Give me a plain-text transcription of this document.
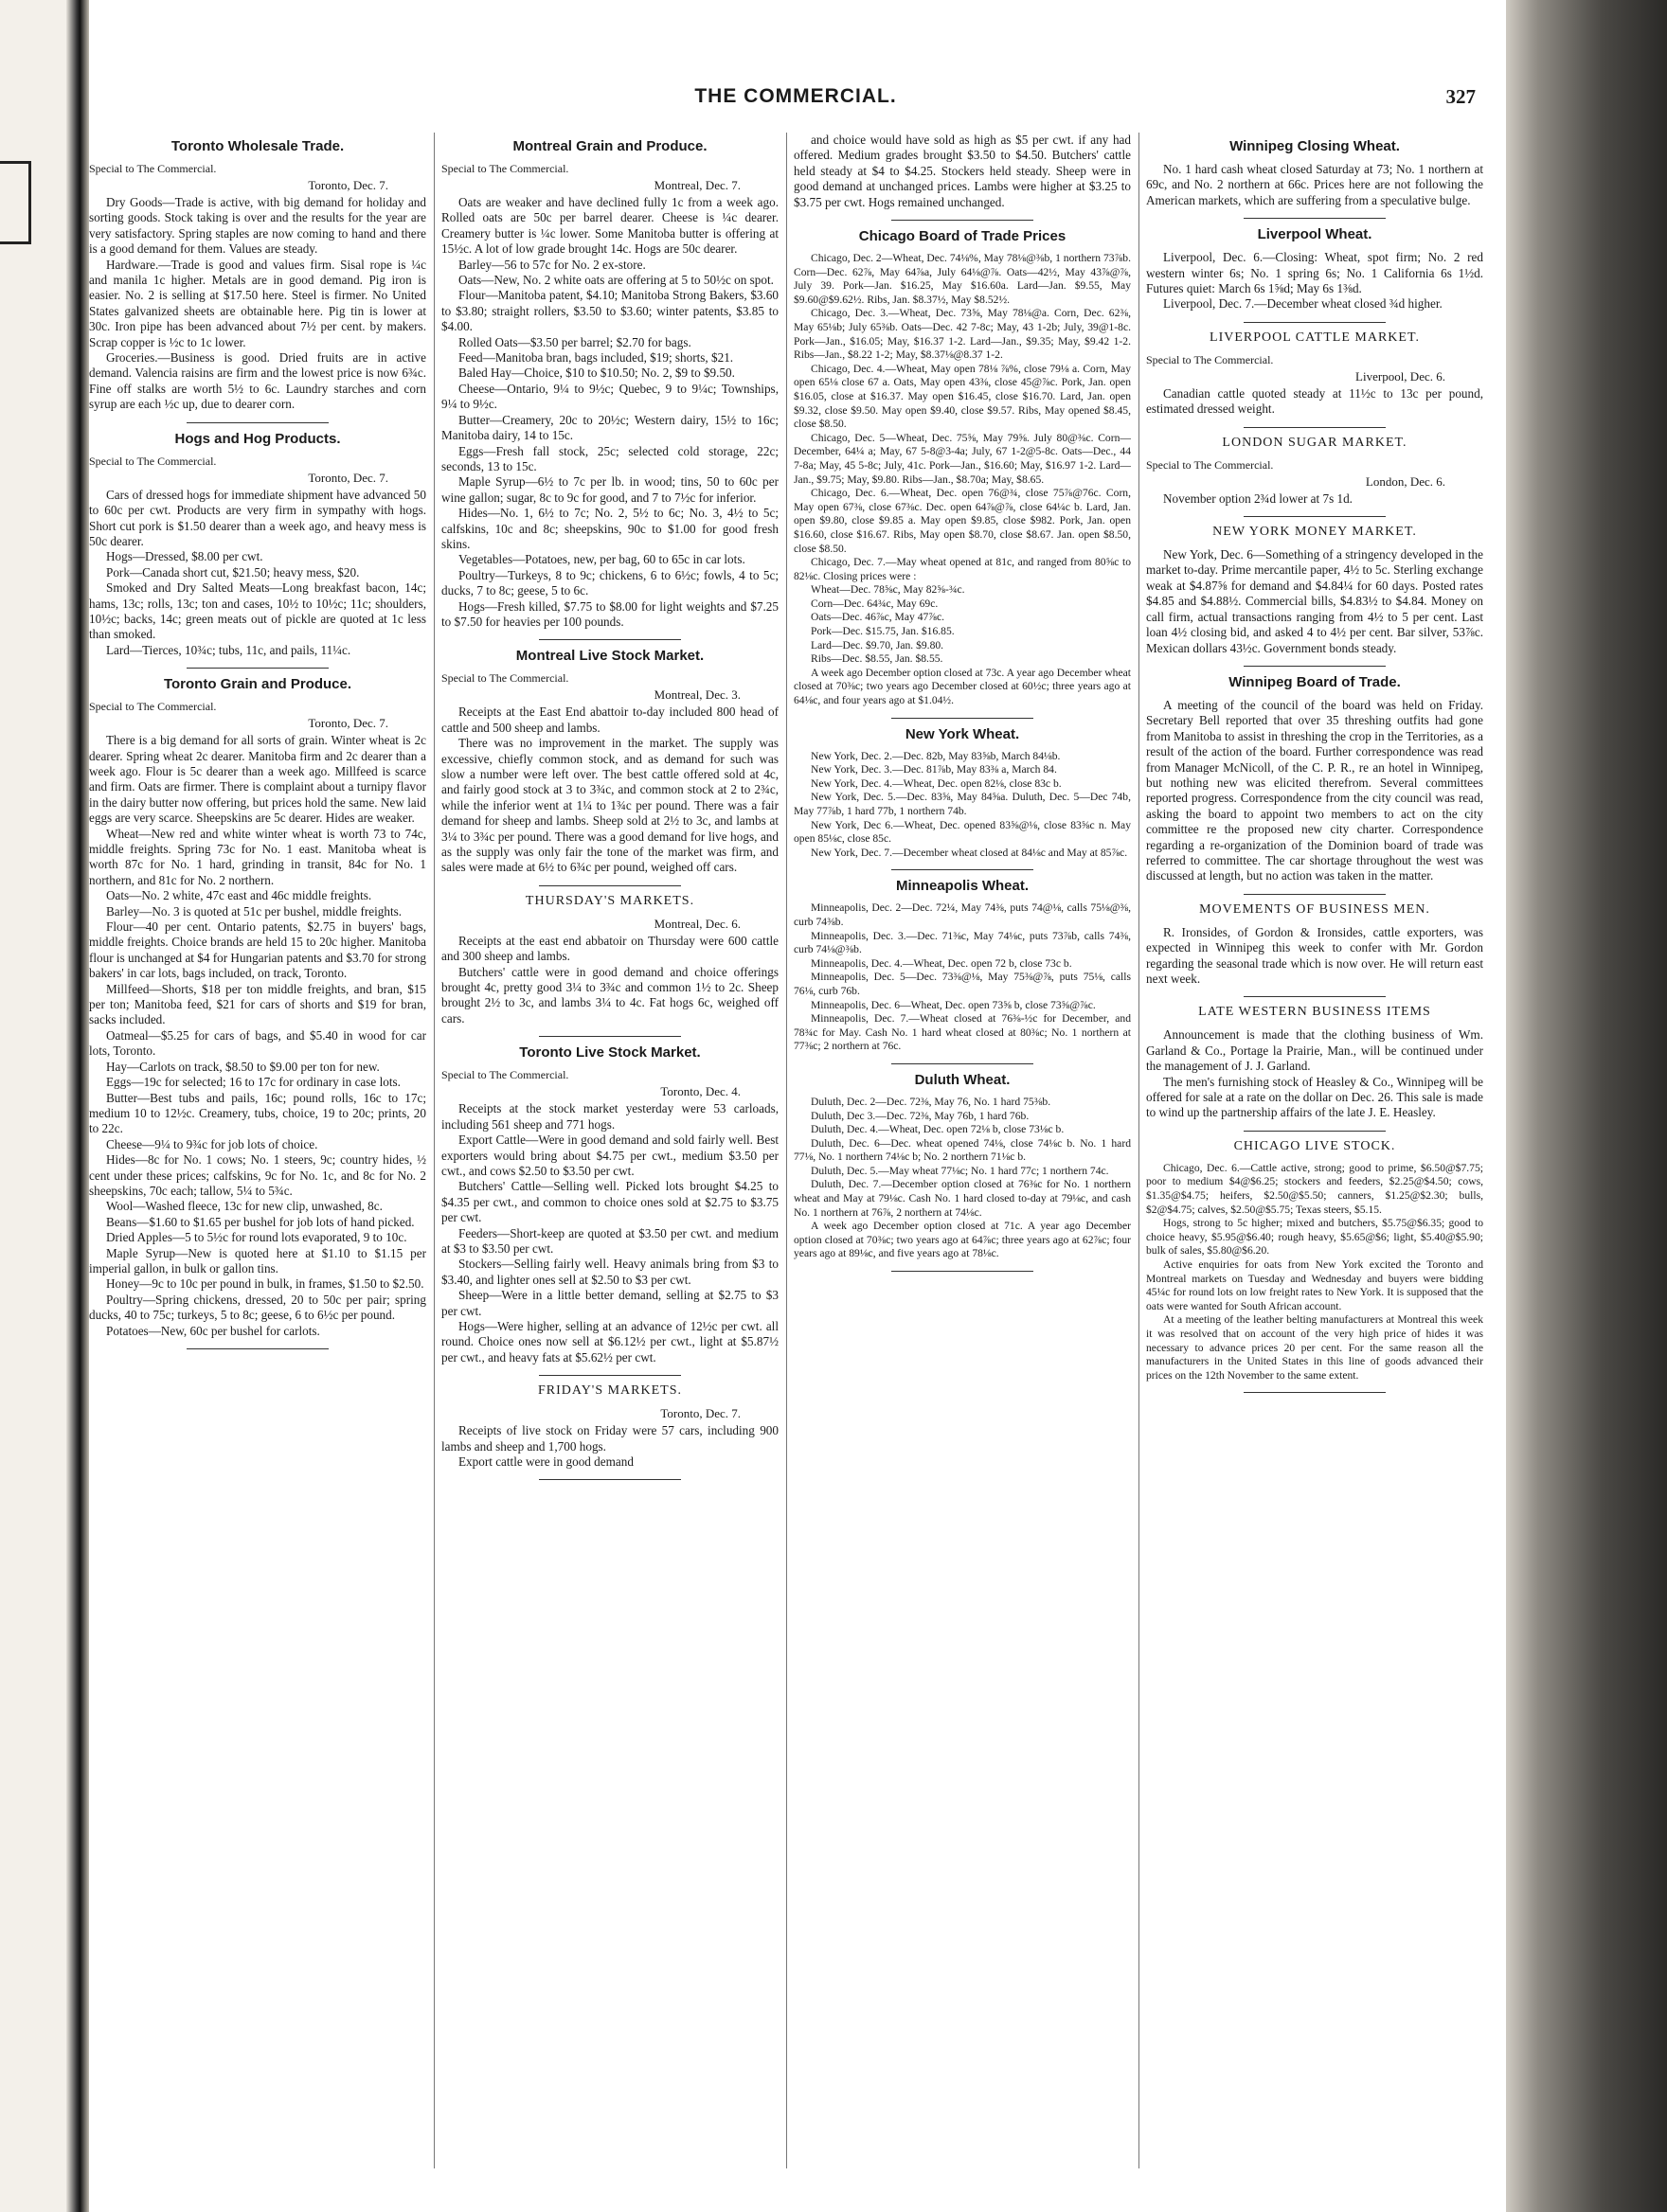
THE COMMERCIAL.	327
Toronto Wholesale Trade.
Special to The Commercial.
Toronto, Dec. 7.

Dry Goods—Trade is active, with big demand for holiday and sorting goods. Stock taking is over and the results for the year are very satisfactory. Spring staples are now coming to hand and there is a good demand for them. Values are steady.

Hardware.—Trade is good and values firm. Sisal rope is ¼c and manila 1c higher. Metals are in good demand. Pig iron is easier. No. 2 is selling at $17.50 here. Steel is firmer. No United States galvanized sheets are obtainable here. Pig tin is lower at 30c. Iron pipe has been advanced about 7½ per cent. by makers. Scrap copper is ½c to 1c lower.

Groceries.—Business is good. Dried fruits are in active demand. Valencia raisins are firm and the lowest price is now 6¾c. Fine off stalks are worth 5½ to 6c. Laundry starches and corn syrup are each ½c up, due to dearer corn.

Hogs and Hog Products.
Special to The Commercial.
Toronto, Dec. 7.

Cars of dressed hogs for immediate shipment have advanced 50 to 60c per cwt. Products are very firm in sympathy with hogs. Short cut pork is $1.50 dearer than a week ago, and heavy mess is 50c dearer.

Hogs—Dressed, $8.00 per cwt.

Pork—Canada short cut, $21.50; heavy mess, $20.

Smoked and Dry Salted Meats—Long breakfast bacon, 14c; hams, 13c; rolls, 13c; ton and cases, 10½ to 10½c; 11c; shoulders, 10½c; backs, 14c; green meats out of pickle are quoted at 1c less than smoked.

Lard—Tierces, 10¾c; tubs, 11c, and pails, 11¼c.

Toronto Grain and Produce.
Special to The Commercial.
Toronto, Dec. 7.

There is a big demand for all sorts of grain. Winter wheat is 2c dearer. Spring wheat 2c dearer. Manitoba firm and 2c dearer than a week ago. Flour is 5c dearer than a week ago. Millfeed is scarce and firm. Oats are firmer. There is complaint about a turnipy flavor in the dairy butter now offering, but prices hold the same. New laid eggs are very scarce. Sheepskins are 5c dearer. Hides are weaker.

Wheat—New red and white winter wheat is worth 73 to 74c, middle freights. Spring 73c for No. 1 east. Manitoba wheat is worth 87c for No. 1 hard, grinding in transit, 84c for No. 1 northern, and 81c for No. 2 northern.

Oats—No. 2 white, 47c east and 46c middle freights.

Barley—No. 3 is quoted at 51c per bushel, middle freights.

Flour—40 per cent. Ontario patents, $2.75 in buyers' bags, middle freights. Choice brands are held 15 to 20c higher. Manitoba flour is unchanged at $4 for Hungarian patents and $3.70 for strong bakers' in car lots, bags included, on track, Toronto.

Millfeed—Shorts, $18 per ton middle freights, and bran, $15 per ton; Manitoba feed, $21 for cars of shorts and $19 for bran, sacks included.

Oatmeal—$5.25 for cars of bags, and $5.40 in wood for car lots, Toronto.

Hay—Carlots on track, $8.50 to $9.00 per ton for new.

Eggs—19c for selected; 16 to 17c for ordinary in case lots.

Butter—Best tubs and pails, 16c; pound rolls, 16c to 17c; medium 10 to 12½c. Creamery, tubs, choice, 19 to 20c; prints, 20 to 22c.

Cheese—9¼ to 9¾c for job lots of choice.

Hides—8c for No. 1 cows; No. 1 steers, 9c; country hides, ½ cent under these prices; calfskins, 9c for No. 1c, and 8c for No. 2 sheepskins, 70c each; tallow, 5¼ to 5¾c.

Wool—Washed fleece, 13c for new clip, unwashed, 8c.

Beans—$1.60 to $1.65 per bushel for job lots of hand picked.

Dried Apples—5 to 5½c for round lots evaporated, 9 to 10c.

Maple Syrup—New is quoted here at $1.10 to $1.15 per imperial gallon, in bulk or gallon tins.

Honey—9c to 10c per pound in bulk, in frames, $1.50 to $2.50.

Poultry—Spring chickens, dressed, 20 to 50c per pair; spring ducks, 40 to 75c; turkeys, 5 to 8c; geese, 6 to 6½c per pound.

Potatoes—New, 60c per bushel for carlots.

Montreal Grain and Produce.
Special to The Commercial.
Montreal, Dec. 7.

Oats are weaker and have declined fully 1c from a week ago. Rolled oats are 50c per barrel dearer. Cheese is ¼c dearer. Creamery butter is ¼c lower. Some Manitoba butter is offering at 15½c. A lot of low grade brought 14c. Hogs are 50c dearer.

Barley—56 to 57c for No. 2 ex-store.

Oats—New, No. 2 white oats are offering at 5 to 50½c on spot.

Flour—Manitoba patent, $4.10; Manitoba Strong Bakers, $3.60 to $3.80; straight rollers, $3.50 to $3.60; winter patents, $3.85 to $4.00.

Rolled Oats—$3.50 per barrel; $2.70 for bags.

Feed—Manitoba bran, bags included, $19; shorts, $21.

Baled Hay—Choice, $10 to $10.50; No. 2, $9 to $9.50.

Cheese—Ontario, 9¼ to 9½c; Quebec, 9 to 9¼c; Townships, 9¼ to 9½c.

Butter—Creamery, 20c to 20½c; Western dairy, 15½ to 16c; Manitoba dairy, 14 to 15c.

Eggs—Fresh fall stock, 25c; selected cold storage, 22c; seconds, 13 to 15c.

Maple Syrup—6½ to 7c per lb. in wood; tins, 50 to 60c per wine gallon; sugar, 8c to 9c for good, and 7 to 7½c for inferior.

Hides—No. 1, 6½ to 7c; No. 2, 5½ to 6c; No. 3, 4½ to 5c; calfskins, 10c and 8c; sheepskins, 90c to $1.00 for good fresh skins.

Vegetables—Potatoes, new, per bag, 60 to 65c in car lots.

Poultry—Turkeys, 8 to 9c; chickens, 6 to 6½c; fowls, 4 to 5c; ducks, 7 to 8c; geese, 5 to 6c.

Hogs—Fresh killed, $7.75 to $8.00 for light weights and $7.25 to $7.50 for heavies per 100 pounds.

Montreal Live Stock Market.
Special to The Commercial.
Montreal, Dec. 3.

Receipts at the East End abattoir to-day included 800 head of cattle and 500 sheep and lambs.

There was no improvement in the market. The supply was excessive, chiefly common stock, and as demand for such was slow a number were left over. The best cattle offered sold at 4c, and fairly good stock at 3 to 3¾c, and common stock at 2 to 2¾c, while the inferior went at 1¼ to 1¾c per pound. There was a fair demand for sheep and lambs. Sheep sold at 2½ to 3c, and lambs at 3¼ to 3¾c per pound. There was a good demand for live hogs, and as the supply was only fair the tone of the market was firm, and sales were made at 6½ to 6¾c per pound, weighed off cars.

THURSDAY'S MARKETS.
Montreal, Dec. 6.

Receipts at the east end abbatoir on Thursday were 600 cattle and 300 sheep and lambs.

Butchers' cattle were in good demand and choice offerings brought 4c, pretty good 3¼ to 3¾c and common 1½ to 2c. Sheep brought 2½ to 3c, and lambs 3¼ to 4c. Fat hogs 6c, weighed off cars.

Toronto Live Stock Market.
Special to The Commercial.
Toronto, Dec. 4.

Receipts at the stock market yesterday were 53 carloads, including 561 sheep and 771 hogs.

Export Cattle—Were in good demand and sold fairly well. Best exporters would bring about $4.75 per cwt., medium $3.50 per cwt., and cows $2.50 to $3.50 per cwt.

Butchers' Cattle—Selling well. Picked lots brought $4.25 to $4.35 per cwt., and common to choice ones sold at $2.75 to $3.75 per cwt.

Feeders—Short-keep are quoted at $3.50 per cwt. and medium at $3 to $3.50 per cwt.

Stockers—Selling fairly well. Heavy animals bring from $3 to $3.40, and lighter ones sell at $2.50 to $3 per cwt.

Sheep—Were in a little better demand, selling at $2.75 to $3 per cwt.

Hogs—Were higher, selling at an advance of 12½c per cwt. all round. Choice ones now sell at $6.12½ per cwt., light at $5.87½ per cwt., and heavy fats at $5.62½ per cwt.

FRIDAY'S MARKETS.
Toronto, Dec. 7.

Receipts of live stock on Friday were 57 cars, including 900 lambs and sheep and 1,700 hogs.

Export cattle were in good demand

and choice would have sold as high as $5 per cwt. if any had offered. Medium grades brought $3.50 to $4.50. Butchers' cattle held steady at $4 to $4.25. Stockers held steady. Sheep were in good demand at unchanged prices. Lambs were higher at $3.25 to $3.75 per cwt. Hogs remained unchanged.

Chicago Board of Trade Prices

Chicago, Dec. 2—Wheat, Dec. 74⅛%, May 78⅛@⅜b, 1 northern 73⅞b. Corn—Dec. 62⅞, May 64⅞a, July 64⅛@⅞. Oats—42½, May 43⅞@⅞, July 39. Pork—Jan. $16.25, May $16.60a. Lard—Jan. $9.55, May $9.60@$9.62½. Ribs, Jan. $8.37½, May $8.52½.

Chicago, Dec. 3.—Wheat, Dec. 73⅝, May 78⅛@a. Corn, Dec. 62⅜, May 65⅛b; July 65⅜b. Oats—Dec. 42 7-8c; May, 43 1-2b; July, 39@1-8c. Pork—Jan., $16.05; May, $16.37 1-2. Lard—Jan., $9.35; May, $9.42 1-2. Ribs—Jan., $8.22 1-2; May, $8.37⅛@8.37 1-2.

Chicago, Dec. 4.—Wheat, May open 78⅛ ⅞%, close 79⅛ a. Corn, May open 65⅛ close 67 a. Oats, May open 43⅜, close 45@⅞c. Pork, Jan. open $16.05, close at $16.37. May open $16.45, close $16.70. Lard, Jan. open $9.32, close $9.50. May open $9.40, close $9.57. Ribs, May opened $8.45, close $8.50.

Chicago, Dec. 5—Wheat, Dec. 75⅝, May 79⅝. July 80@⅜c. Corn—December, 64¼ a; May, 67 5-8@3-4a; July, 67 1-2@5-8c. Oats—Dec., 44 7-8a; May, 45 5-8c; July, 41c. Pork—Jan., $16.60; May, $16.97 1-2. Lard—Jan., $9.75; May, $9.80. Ribs—Jan., $8.70a; May, $8.65.

Chicago, Dec. 6.—Wheat, Dec. open 76@¾, close 75⅞@76c. Corn, May open 67⅜, close 67⅜c. Dec. open 64⅞@⅞, close 64¼c b. Lard, Jan. open $9.80, close $9.85 a. May open $9.85, close $982. Pork, Jan. open $16.60, close $16.67. Ribs, May open $8.70, close $8.67. Jan. open $8.50, close $8.50.

Chicago, Dec. 7.—May wheat opened at 81c, and ranged from 80⅝c to 82⅛c. Closing prices were :

Wheat—Dec. 78⅝c, May 82⅝-¾c.

Corn—Dec. 64¾c, May 69c.

Oats—Dec. 46⅞c, May 47⅞c.

Pork—Dec. $15.75, Jan. $16.85.

Lard—Dec. $9.70, Jan. $9.80.

Ribs—Dec. $8.55, Jan. $8.55.

A week ago December option closed at 73c. A year ago December wheat closed at 70⅜c; two years ago December closed at 60½c; three years ago at 64⅛c, and four years ago at $1.04½.

New York Wheat.

New York, Dec. 2.—Dec. 82b, May 83⅝b, March 84⅛b.

New York, Dec. 3.—Dec. 81⅞b, May 83⅜ a, March 84.

New York, Dec. 4.—Wheat, Dec. open 82⅛, close 83c b.

New York, Dec. 5.—Dec. 83⅝, May 84⅝a. Duluth, Dec. 5—Dec 74b, May 77⅞b, 1 hard 77b, 1 northern 74b.

New York, Dec 6.—Wheat, Dec. opened 83⅝@⅛, close 83⅝c n. May open 85⅛c, close 85c.

New York, Dec. 7.—December wheat closed at 84⅛c and May at 85⅞c.

Minneapolis Wheat.

Minneapolis, Dec. 2—Dec. 72¼, May 74⅜, puts 74@⅛, calls 75⅛@⅜, curb 74⅜b.

Minneapolis, Dec. 3.—Dec. 71⅜c, May 74⅛c, puts 73⅞b, calls 74⅜, curb 74⅛@⅜b.

Minneapolis, Dec. 4.—Wheat, Dec. open 72 b, close 73c b.

Minneapolis, Dec. 5—Dec. 73⅜@⅛, May 75⅜@⅞, puts 75⅛, calls 76⅛, curb 76b.

Minneapolis, Dec. 6—Wheat, Dec. open 73⅝ b, close 73⅝@⅞c.

Minneapolis, Dec. 7.—Wheat closed at 76⅜-½c for December, and 78¾c for May. Cash No. 1 hard wheat closed at 80⅜c; No. 1 northern at 77⅜c; 2 northern at 76c.

Duluth Wheat.

Duluth, Dec. 2—Dec. 72⅜, May 76, No. 1 hard 75⅜b.

Duluth, Dec 3.—Dec. 72⅜, May 76b, 1 hard 76b.

Duluth, Dec. 4.—Wheat, Dec. open 72⅛ b, close 73⅛c b.

Duluth, Dec. 6—Dec. wheat opened 74⅛, close 74⅛c b. No. 1 hard 77⅛, No. 1 northern 74⅛c b; No. 2 northern 71⅛c b.

Duluth, Dec. 5.—May wheat 77⅛c; No. 1 hard 77c; 1 northern 74c.

Duluth, Dec. 7.—December option closed at 76⅜c for No. 1 northern wheat and May at 79⅛c. Cash No. 1 hard closed to-day at 79⅛c, and cash No. 1 northern at 76⅞, 2 northern at 74⅛c.

A week ago December option closed at 71c. A year ago December option closed at 70⅜c; two years ago at 64⅞c; three years ago at 62⅞c; four years ago at 89⅛c, and five years ago at 78⅛c.

Winnipeg Closing Wheat.

No. 1 hard cash wheat closed Saturday at 73; No. 1 northern at 69c, and No. 2 northern at 66c. Prices here are not following the American markets, which are suffering from a speculative bulge.

Liverpool Wheat.

Liverpool, Dec. 6.—Closing: Wheat, spot firm; No. 2 red western winter 6s; No. 1 spring 6s; No. 1 California 6s 1½d. Futures quiet: March 6s 1⅝d; May 6s 1⅜d.

Liverpool, Dec. 7.—December wheat closed ¾d higher.

LIVERPOOL CATTLE MARKET.
Special to The Commercial.
Liverpool, Dec. 6.

Canadian cattle quoted steady at 11½c to 13c per pound, estimated dressed weight.

LONDON SUGAR MARKET.
Special to The Commercial.
London, Dec. 6.

November option 2¾d lower at 7s 1d.

NEW YORK MONEY MARKET.

New York, Dec. 6—Something of a stringency developed in the market to-day. Prime mercantile paper, 4½ to 5c. Sterling exchange weak at $4.87⅝ for demand and $4.84¼ for 60 days. Posted rates $4.85 and $4.88½. Commercial bills, $4.83½ to $4.84. Money on call firm, actual transactions ranging from 4½ to 5 per cent. Last loan 4½ closing bid, and asked 4 to 4½ per cent. Bar silver, 53⅞c. Mexican dollars 43½c. Government bonds steady.

Winnipeg Board of Trade.

A meeting of the council of the board was held on Friday. Secretary Bell reported that over 35 threshing outfits had gone from Manitoba to assist in threshing the crop in the Territories, as a result of the action of the board. Further correspondence was read from Manager McNicoll, of the C. P. R., re an hotel in Winnipeg, but nothing new was elicited therefrom. Several committees reported progress. Correspondence from the city council was read, asking the board to appoint two members to act on the city committee re the proposed new city charter. Correspondence regarding a re-organization of the Dominion board of trade was referred to committee. The car shortage throughout the west was discussed at length, but no action was taken in the matter.

MOVEMENTS OF BUSINESS MEN.

R. Ironsides, of Gordon & Ironsides, cattle exporters, was expected in Winnipeg this week to confer with Mr. Gordon regarding the seasonal trade which is now over. He will return east next week.

LATE WESTERN BUSINESS ITEMS

Announcement is made that the clothing business of Wm. Garland & Co., Portage la Prairie, Man., will be continued under the management of J. J. Garland.

The men's furnishing stock of Heasley & Co., Winnipeg will be offered for sale at a rate on the dollar on Dec. 26. This sale is made to wind up the partnership affairs of the late J. E. Heasley.

CHICAGO LIVE STOCK.

Chicago, Dec. 6.—Cattle active, strong; good to prime, $6.50@$7.75; poor to medium $4@$6.25; stockers and feeders, $2.25@$4.50; cows, $1.35@$4.75; heifers, $2.50@$5.50; canners, $1.25@$2.30; bulls, $2@$4.75; calves, $2.50@$5.75; Texas steers, $5.15.

Hogs, strong to 5c higher; mixed and butchers, $5.75@$6.35; good to choice heavy, $5.95@$6.40; rough heavy, $5.65@$6; light, $5.40@$5.90; bulk of sales, $5.80@$6.20.

Active enquiries for oats from New York excited the Toronto and Montreal markets on Tuesday and Wednesday and buyers were bidding 45¼c for round lots on low freight rates to New York. It is supposed that the oats were wanted for South African account.

At a meeting of the leather belting manufacturers at Montreal this week it was resolved that on account of the very high price of hides it was necessary to advance prices 20 per cent. For the same reason all the manufacturers in the United States in this line of goods advanced their prices on the 12th November to the same extent.
